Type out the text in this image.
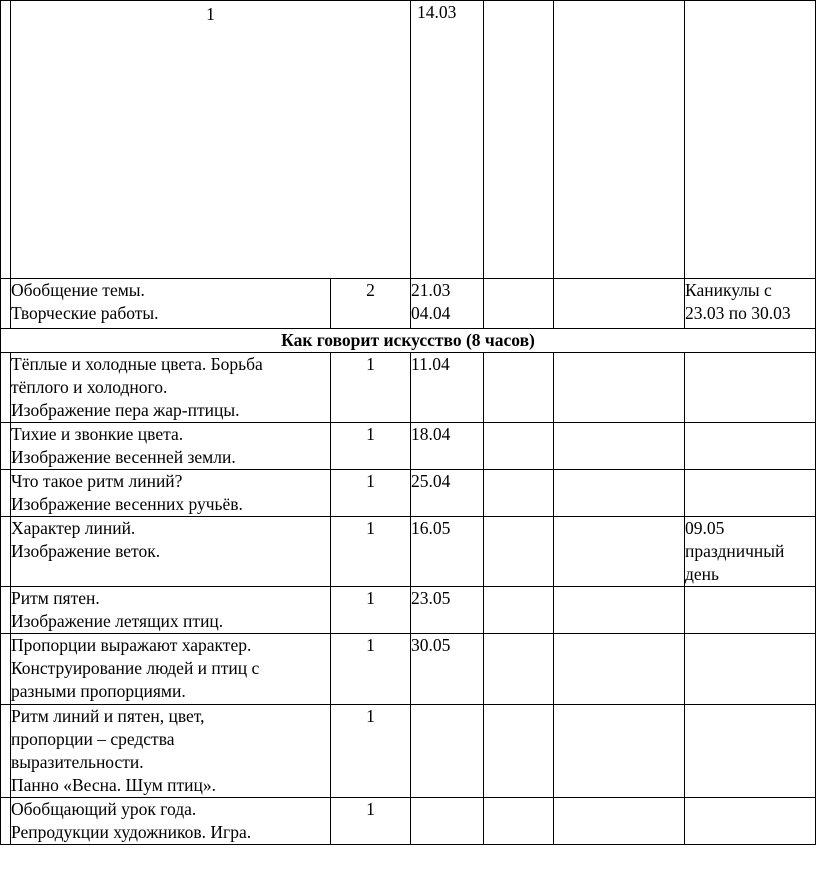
	1		14.03			

	Обобщение темы.
Творческие работы.	2	21.03
04.04			Каникулы с
23.03 по 30.03

Как говорит искусство (8 часов)						

	Тёплые и холодные цвета. Борьба
тёплого и холодного.
Изображение пера жар-птицы.	1	11.04			

	Тихие и звонкие цвета.
Изображение весенней земли.	1	18.04			

	Что такое ритм линий?
Изображение весенних ручьёв.	1	25.04			

	Характер линий.
Изображение веток.	1	16.05			09.05
праздничный
день

	Ритм пятен.
Изображение летящих птиц.	1	23.05			

	Пропорции выражают характер.
Конструирование людей и птиц с
разными пропорциями.	1	30.05			

	Ритм линий и пятен, цвет,
пропорции – средства
выразительности.
Панно «Весна. Шум птиц».	1				

	Обобщающий урок года.
Репродукции художников. Игра.	1				
